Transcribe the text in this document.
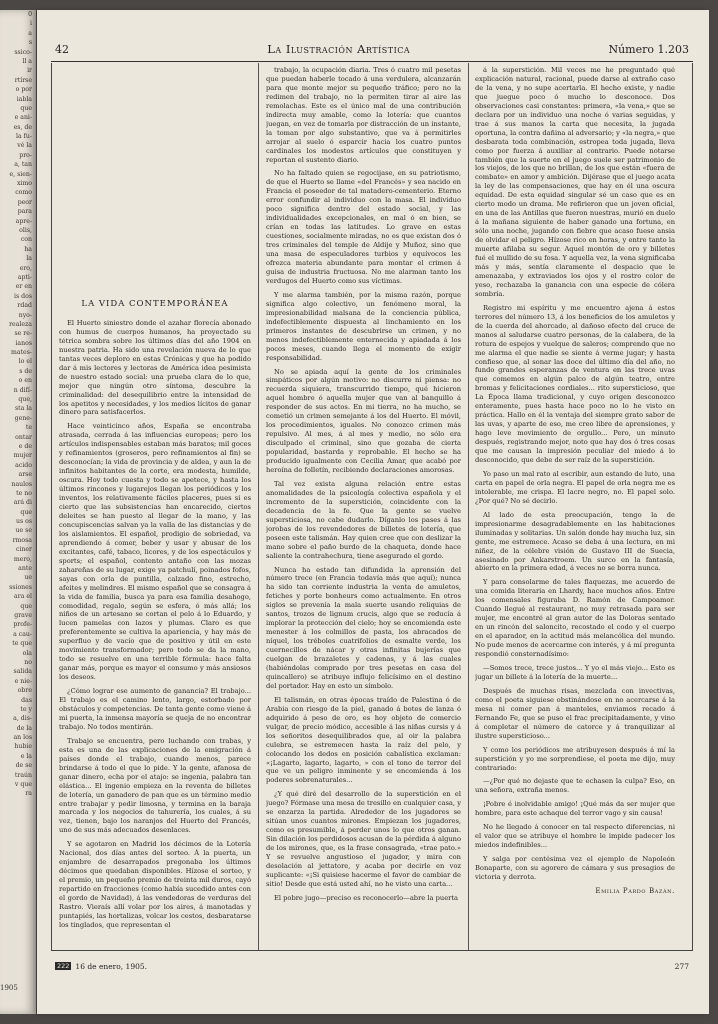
0
i
a
s
ssico-
ll a
ir
rtírse
o por
iabla
que
e ani-
es, de
la fu-
vé la
pro-
a, tan
e, sien-
ximo
como
peor
para
apre-
olis,
con
ha
la
ero,
apti-
er en
is dos
rdad
nyo-
realeza
se re-
ianos
mates-
lo el
s de
o en
n difí-
que,
sta la
gene-
te
ontar
e de
mujer
acido
arse
naulos
te no
ará di
que
us os
ue se
rmosa
ciner
mero,
ante
ue
ssiones
ara el
que
grave
profe-
a cau-
te que
ola
no
salida
e nie-
obre
das
te y
a, dis-
de la
an los
hubie
e la
de se
traún
v que
ra
1905
42	La Ilustración Artística	Número 1.203
LA VIDA CONTEMPORÁNEA

El Huerto siniestro donde el azahar florecía abonado con humus de cuerpos humanos, ha proyectado su tétrica sombra sobre los últimos días del año 1904 en nuestra patria. Ha sido una revelación nueva de lo que tantas veces deploro en estas Crónicas y que ha podido dar á mis lectores y lectoras de América idea pesimista de nuestro estado social: una prueba clara de lo que, mejor que ningún otro síntoma, descubre la criminalidad: del desequilibrio entre la intensidad de los apetitos y necesidades, y los medios lícitos de ganar dinero para satisfacerlos.

Hace veinticinco años, España se encontraba atrasada, cerrada á las influencias europeas; pero los artículos indispensables estaban más baratos; mil goces y refinamientos (groseros, pero refinamientos al fin) se desconocían; la vida de provincia y de aldea, y aun la de infinitos habitantes de la corte, era modesta, humilde, oscura. Hoy todo cuesta y todo se apetece, y hasta los últimos rincones y lugarejos llegan los periódicos y los inventos, los relativamente fáciles placeres, pues si es cierto que las subsistencias han encarecido, ciertos deleites se han puesto al llegar de la mano, y las concupiscencias salvan ya la valla de las distancias y de los aislamientos. El español, prodigio de sobriedad, va aprendiendo á comer, beber y usar y abusar de los excitantes, café, tabaco, licores, y de los espectáculos y sports; el español, contento antaño con las mozas zahareñas de su lugar, exige ya patchulí, poinados fofos, sayas con orla de puntilla, calzado fino, estrecho, afeites y melindres. El mismo español que se consagra á la vida de familia, busca ya para esa familia desahogo, comodidad, regalo, según se esfera, ó más allá; los niños de un artesano se cortan el pelo á lo Eduardo, y lucen pamelas con lazos y plumas. Claro es que preferentemente se cultiva la apariencia, y hay más de superfluo y de vacío que de positivo y útil en este movimiento transformador; pero todo se da la mano, todo se resuelve en una terrible fórmula: hace falta ganar más, porque es mayor el consumo y más ansiosos los deseos.

¿Cómo lograr ese aumento de ganancia? El trabajo... El trabajo es el camino lento, largo, estorbado por obstáculos y competencias. De tanta gente como viene á mi puerta, la inmensa mayoría se queja de no encontrar trabajo. No todos mentirán.

Trabajo se encuentra, pero luchando con trabas, y esta es una de las explicaciones de la emigración á países donde el trabajo, cuando menos, parece brindarse á todo el que lo pide. Y la gente, afanosa de ganar dinero, echa por el atajo: se ingenia, palabra tan elástica... El ingenio empieza en la reventa de billetes de lotería, un ganadero de pan que es un término medio entre trabajar y pedir limosna, y termina en la baraja marcada y los negocios de tahurería, los cuales, á su vez, tienen, bajo los naranjos del Huerto del Francés, uno de sus más adecuados desenlaces.

Y se agotaron en Madrid los décimos de la Lotería Nacional, dos días antes del sorteo. Á la puerta, un enjambre de desarrapados pregonaba los últimos décimos que quedaban disponibles. Hízose el sorteo, y el premio, un pequeño premio de treinta mil duros, cayó repartido en fracciones (como había sucedido antes con el gordo de Navidad), á las vendedoras de verduras del Rastro. Vieraís allí volar por los aires, á manotadas y puntapiés, las hortalizas, volcar los cestos, desbaratarse los tinglados, que representan el

trabajo, la ocupación diaria. Tres ó cuatro mil pesetas que puedan haberle tocado á una verdulera, alcanzarán para que monte mejor su pequeño tráfico; pero no la redimen del trabajo, no la permiten tirar al aire las remolachas. Este es el único mal de una contribución indirecta muy amable, como la lotería: que cuantos juegan, en vez de tomarla por distracción de un instante, la toman por algo substantivo, que va á permitirles arrojar al suelo ó esparcir hacia los cuatro puntos cardinales los modestos artículos que constituyen y reportan el sustento diario.

No ha faltado quien se regocijase, en su patriotismo, de que el Huerto se llame «del Francés» y sea nacido en Francia el poseedor de tal matadero-cementerio. Eterno error confundir al individuo con la masa. El individuo poco significa dentro del estado social, y las individualidades excepcionales, en mal ó en bien, se crían en todas las latitudes. Lo grave en estas cuestiones, socialmente miradas, no es que existan dos ó tres criminales del temple de Aldije y Muñoz, sino que una masa de especuladores turbios y equívocos les ofrezca materia abundante para montar el crimen á guisa de industria fructuosa. No me alarman tanto los verdugos del Huerto como sus víctimas.

Y me alarma también, por la misma razón, porque significa algo colectivo, un fenómeno moral, la impresionabilidad malsana de la conciencia pública, indefectiblemente dispuesta al linchamiento en los primeros instantes de descubrirse un crimen, y no menos indefectiblemente enternecida y apiadada á los pocos meses, cuando llega el momento de exigir responsabilidad.

No se apiada aquí la gente de los criminales simpáticos por algún motivo: no discurre ni piensa: no recuerda siquiera, transcurrido tiempo, qué hicieron aquel hombre ó aquella mujer que van al banquillo á responder de sus actos. En mi tierra, no ha mucho, se cometió un crimen semejante á los del Huerto. El móvil, los procedimientos, iguales. No conozco crimen más repulsivo. Al mes, á al mes y medio, no sólo era disculpado el criminal, sino que gozaba de cierta popularidad, bastarda y reprobable. El hecho se ha producido igualmente con Cecilia Amar, que acabó por heroína de folletín, recibiendo declaraciones amorosas.

Tal vez exista alguna relación entre estas anomalidades de la psicología colectiva española y el incremento de la superstición, coincidente con la decadencia de la fe. Que la gente se vuelve supersticiosa, no cabe dudarlo. Díganlo los pases á las jorobas de los revendedores de billetes de lotería, que poseen este talismán. Hay quien cree que con deslizar la mano sobre el paño burdo de la chaqueta, donde hace saliente la contrahechura, tiene asegurado el gordo.

Nunca ha estado tan difundida la aprensión del número trece (en Francia todavía más que aquí); nunca ha sido tan corriente industria la venta de amuletos, fetiches y porte bonheurs como actualmente. En otros siglos se prevenía la mala suerte usando reliquias de santos, trozos de lignum crucis, algo que se reducía á implorar la protección del cielo; hoy se encomienda este menester á los colmillos de pasta, los abracados de níquel, los tréboles cuatrifolios de esmalte verde, los cuernecillos de nácar y otras infinitas bujerías que cuelgan de brazaletes y cadenas, y á las cuales (habiéndolas comprado por tres pesetas en casa del quincallero) se atribuye influjo felicísimo en el destino del portador. Hay en esto un símbolo.

El talismán, en otras épocas traído de Palestina ó de Arabia con riesgo de la piel, ganado á botes de lanza ó adquirido á peso de oro, es hoy objeto de comercio vulgar, de precio módico, accesible á las niñas cursis y á los señoritos desequilibrados que, al oir la palabra culebra, se estremecen hasta la raíz del pelo, y colocando los dedos en posición cabalística exclaman: «¡Lagarto, lagarto, lagarto, » con el tono de terror del que ve un peligro inminente y se encomienda á los poderes sobrenaturales...

¿Y qué diré del desarrollo de la superstición en el juego? Fórmase una mesa de tresillo en cualquier casa, y se enzarza la partida. Alrededor de los jugadores se sitúan unos cuantos mirones. Empiezan los jugadores, como es presumible, á perder unos lo que otros ganan. Sin dilación los perdidosos acusan de la pérdida á alguno de los mirones, que, es la frase consagrada, «trae pato.» Y se revuelve angustioso el jugador, y mira con desolación al jettatore, y acaba por decirle en voz suplicante: «¡Si quisiese hacerme el favor de cambiar de sitio! Desde que está usted ahí, no he visto una carta...

El pobre jugo—preciso es reconocerlo—abre la puerta

á la superstición. Mil veces me he preguntado qué explicación natural, racional, puede darse al extraño caso de la vena, y no supe acertarla. El hecho existe, y nadie que juegue poco ó mucho lo desconoce. Dos observaciones casi constantes: primera, «la vena,» que se declara por un individuo una noche ó varias seguidas, y trae á sus manos la carta que necesita, la jugada oportuna, la contra dañina al adversario; y «la negra,» que desbarata toda combinación, estropea toda jugada, lleva como por fuerza á auxiliar al contrario. Puede notarse también que la suerte en el juego suele ser patrimonio de los viejos, de los que no brillan, de los que están «fuera de combate» en amor y ambición. Dijérase que el juego acata la ley de las compensaciones, que hay en él una oscura equidad. De esta equidad singular sé un caso que es en cierto modo un drama. Me refirieron que un joven oficial, en una de las Antillas que fueron nuestras, murió en duelo á la mañana siguiente de haber ganado una fortuna, en sólo una noche, jugando con fiebre que acaso fuese ansia de olvidar el peligro. Hízose rico en horas, y entre tanto la muerte afilaba su segur. Aquel montón de oro y billetes fué el mullido de su fosa. Y aquella vez, la vena significaba más y más, sentía claramente el despacio que le amenazaba, y extraviados los ojos y el rostro color de yeso, rechazaba la ganancia con una especie de cólera sombría.

Registro mi espíritu y me encuentro ajena á estos terrores del número 13, á los beneficios de los amuletos y de la cuerda del ahorcado, al dañoso efecto del cruce de manos al saludarse cuatro personas, de la calabera, de la rotura de espejos y vuelque de saleros; comprendo que no me alarma el que nadie se siente á verme jugar; y hasta confieso que, al sonar las doce del último día del año, no fundo grandes esperanzas de ventura en las trece uvas que comemos en algún palco de algún teatro, entre bromas y felicitaciones cordiales... rito supersticioso, que La Época llama tradicional, y cuyo origen desconozco enteramente, pues hasta hace poco no lo he visto en práctica. Hallo en él la ventaja del siempre grato sabor de las uvas, y aparte de eso, me creo libre de aprensiones, y hago leve movimiento de orgullo... Pero, un minuto después, registrando mejor, noto que hay dos ó tres cosas que me causan la impresión peculiar del miedo á lo desconocido, que debe de ser raíz de la superstición.

Yo paso un mal rato al escribir, aun estando de luto, una carta en papel de orla negra. El papel de orla negra me es intolerable, me crispa. El lacre negro, no. El papel solo. ¿Por qué? No sé decirlo.

Al lado de esta preocupación, tengo la de impresionarme desagradablemente en las habitaciones iluminadas y solitarias. Un salón donde hay mucha luz, sin gente, me estremece. Acaso se deba á una lectura, en mi niñez, de la célebre visión de Gustavo III de Suecia, asesinado por Ankarstroem. Un surco en la fantasía, abierto en la primera edad, á veces no se borra nunca.

Y para consolarme de tales flaquezas, me acuerdo de una comida literaria en Lhardy, hace muchos años. Entre los comensales figuraba D. Ramón de Campoamor. Cuando llegué al restaurant, no muy retrasada para ser mujer, me encontré al gran autor de las Doloras sentado en un rincón del saloncito, recostado el codo y el cuerpo en el aparador, en la actitud más melancólica del mundo. No pude menos de acercarme con interés, y á mí pregunta respondió consternadísimo:

—Somos trece, trece justos... Y yo el más viejo... Esto es jugar un billete á la lotería de la muerte...

Después de muchas risas, mezclada con invectivas, como el poeta siguiese obstinándose en no acercarse á la mesa ni comer pan á manteles, enviamos recado á Fernando Fe, que se puso el frac precipitadamente, y vino á completar el número de catorce y á tranquilizar al ilustre supersticioso...

Y como los periódicos me atribuyesen después á mí la superstición y yo me sorprendiese, el poeta me dijo, muy contrariado:

—¿Por qué no dejaste que te echasen la culpa? Eso, en una señora, extraña menos.

¡Pobre é inolvidable amigo! ¡Qué más da ser mujer que hombre, para este achaque del terror vago y sin causa!

No he llegado á conocer en tal respecto diferencias, ni el valor que se atribuye el hombre le impide padecer los miedos indefinibles...

Y salga por centésima vez el ejemplo de Napoleón Bonaparte, con su agorero de cámara y sus presagios de victoria y derrota.

Emilia Pardo Bazán.
222 16 de enero, 1905.	277
